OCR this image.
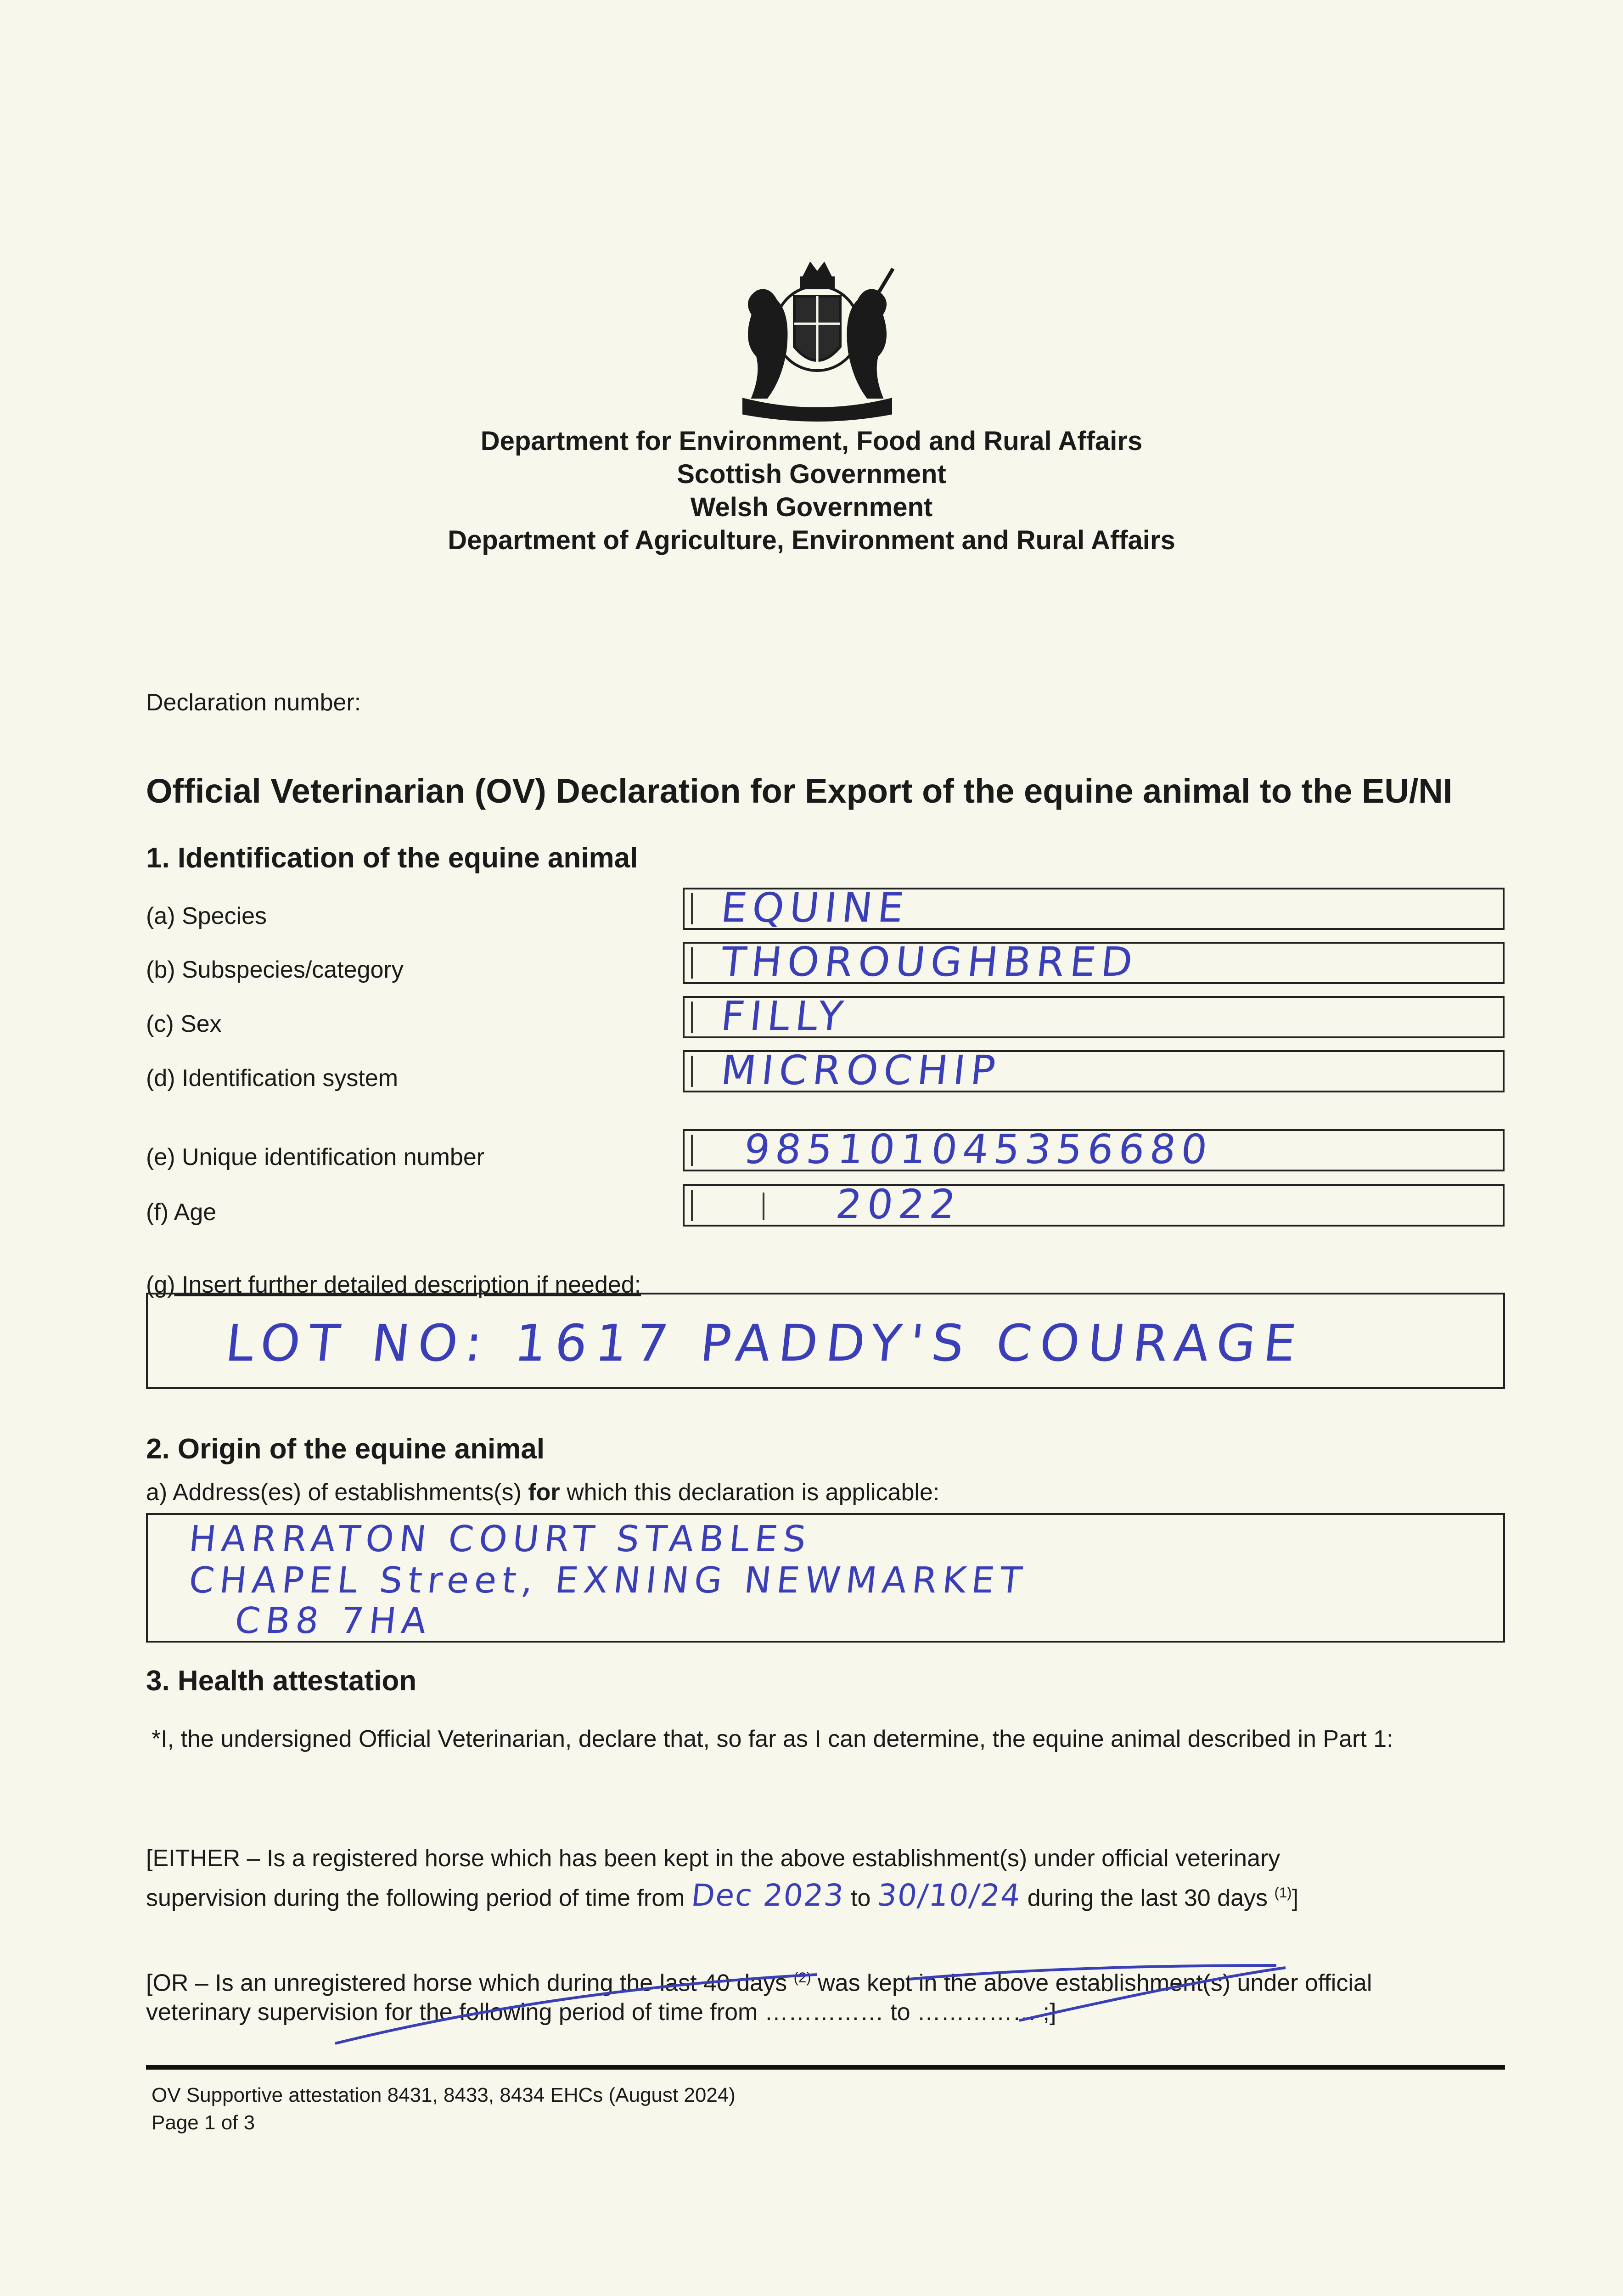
Department for Environment, Food and Rural Affairs
Scottish Government
Welsh Government
Department of Agriculture, Environment and Rural Affairs
Declaration number:
Official Veterinarian (OV) Declaration for Export of the equine animal to the EU/NI
1. Identification of the equine animal
(a) Species	EQUINE
(b) Subspecies/category	THOROUGHBRED
(c) Sex	FILLY
(d) Identification system	MICROCHIP
(e) Unique identification number	985101045356680
(f) Age	2022
(g) Insert further detailed description if needed:
LOT NO: 1617 PADDY'S COURAGE
2. Origin of the equine animal
a) Address(es) of establishments(s) for which this declaration is applicable:
HARRATON COURT STABLES
CHAPEL Street, EXNING NEWMARKET
CB8 7HA
3. Health attestation
*I, the undersigned Official Veterinarian, declare that, so far as I can determine, the equine animal described in Part 1:
[EITHER – Is a registered horse which has been kept in the above establishment(s) under official veterinary
supervision during the following period of time from Dec 2023 to 30/10/24 during the last 30 days $^{(1)}$]
[OR – Is an unregistered horse which during the last 40 days $^{(2)}$ was kept in the above establishment(s) under official
veterinary supervision for the following period of time from …………… to …………… ;]
OV Supportive attestation 8431, 8433, 8434 EHCs (August 2024)
Page 1 of 3
